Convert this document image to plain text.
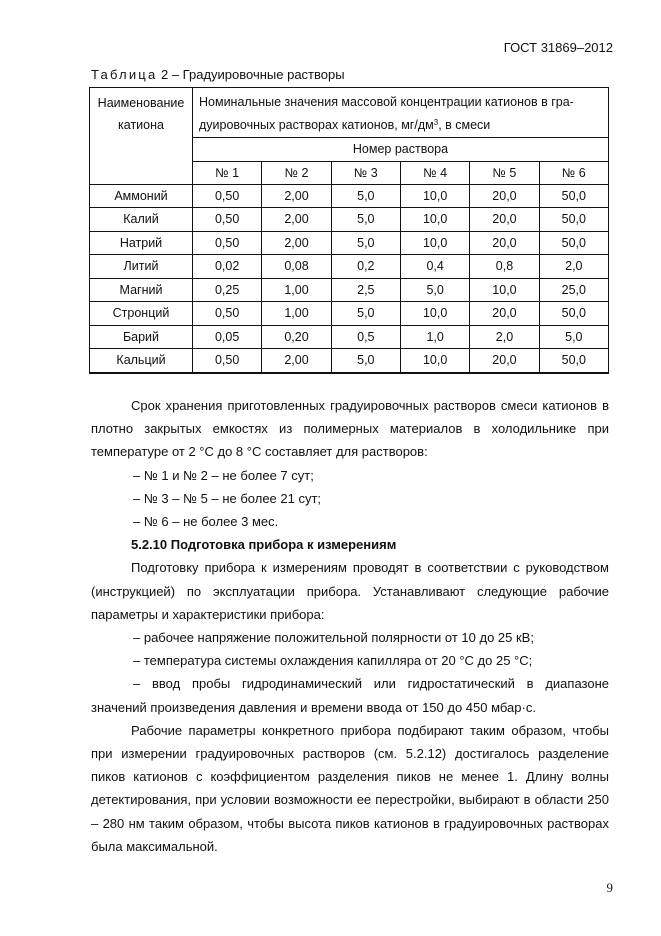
ГОСТ 31869–2012
Таблица 2 – Градуировочные растворы
Наименование
катиона	Номинальные значения массовой концентрации катионов в гра-
дуировочных растворах катионов, $мг/дм^3$, в смеси					
	Номер раствора					
	№ 1	№ 2	№ 3	№ 4	№ 5	№ 6
Аммоний	0,50	2,00	5,0	10,0	20,0	50,0
Калий	0,50	2,00	5,0	10,0	20,0	50,0
Натрий	0,50	2,00	5,0	10,0	20,0	50,0
Литий	0,02	0,08	0,2	0,4	0,8	2,0
Магний	0,25	1,00	2,5	5,0	10,0	25,0
Стронций	0,50	1,00	5,0	10,0	20,0	50,0
Барий	0,05	0,20	0,5	1,0	2,0	5,0
Кальций	0,50	2,00	5,0	10,0	20,0	50,0

Срок хранения приготовленных градуировочных растворов смеси катионов в плотно закрытых емкостях из полимерных материалов в холодильнике при температуре от 2 °С до 8 °С составляет для растворов:

– № 1 и № 2 – не более 7 сут;

– № 3 – № 5 – не более 21 сут;

– № 6 – не более 3 мес.

5.2.10 Подготовка прибора к измерениям

Подготовку прибора к измерениям проводят в соответствии с руководством (инструкцией) по эксплуатации прибора. Устанавливают следующие рабочие параметры и характеристики прибора:

– рабочее напряжение положительной полярности от 10 до 25 кВ;

– температура системы охлаждения капилляра от 20 °С до 25 °С;

– ввод пробы гидродинамический или гидростатический в диапазоне значений произведения давления и времени ввода от 150 до 450 мбар·с.

Рабочие параметры конкретного прибора подбирают таким образом, чтобы при измерении градуировочных растворов (см. 5.2.12) достигалось разделение пиков катионов с коэффициентом разделения пиков не менее 1. Длину волны детектирования, при условии возможности ее перестройки, выбирают в области 250 – 280 нм таким образом, чтобы высота пиков катионов в градуировочных растворах была максимальной.

9
